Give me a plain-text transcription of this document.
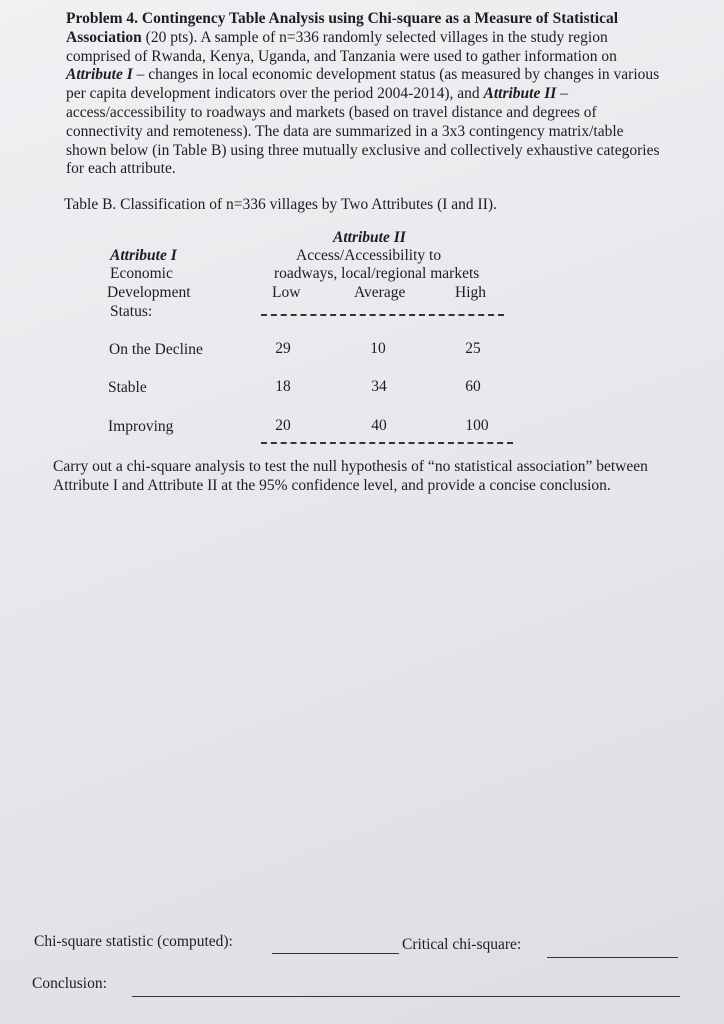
Problem 4. Contingency Table Analysis using Chi-square as a Measure of Statistical Association (20 pts). A sample of n=336 randomly selected villages in the study region comprised of Rwanda, Kenya, Uganda, and Tanzania were used to gather information on Attribute I – changes in local economic development status (as measured by changes in various per capita development indicators over the period 2004-2014), and Attribute II – access/accessibility to roadways and markets (based on travel distance and degrees of connectivity and remoteness). The data are summarized in a 3x3 contingency matrix/table shown below (in Table B) using three mutually exclusive and collectively exhaustive categories for each attribute.
Table B. Classification of n=336 villages by Two Attributes (I and II).
Attribute II
Access/Accessibility to
roadways, local/regional markets
Low	Average	High
Attribute I
Economic
Development
Status:
On the Decline	29	10	25
Stable	18	34	60
Improving	20	40	100
Carry out a chi-square analysis to test the null hypothesis of “no statistical association” between Attribute I and Attribute II at the 95% confidence level, and provide a concise conclusion.
Chi-square statistic (computed):	Critical chi-square:
Conclusion:
